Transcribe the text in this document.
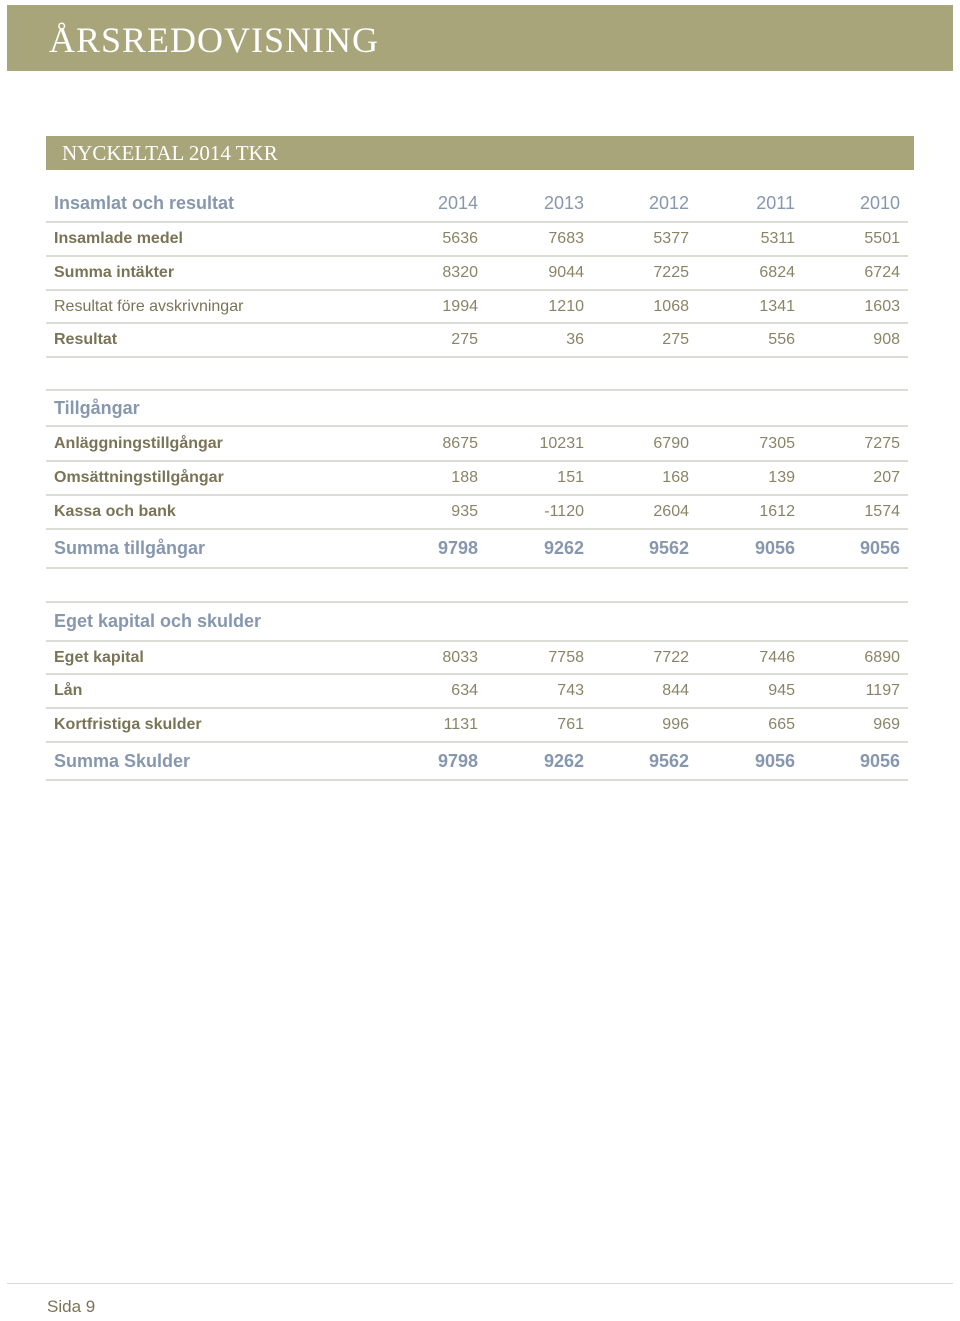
ÅRSREDOVISNING
NYCKELTAL 2014 TKR
Insamlat och resultat	2014	2013	2012	2011	2010
Insamlade medel	5636	7683	5377	5311	5501
Summa intäkter	8320	9044	7225	6824	6724
Resultat före avskrivningar	1994	1210	1068	1341	1603
Resultat	275	36	275	556	908
Tillgångar
Anläggningstillgångar	8675	10231	6790	7305	7275
Omsättningstillgångar	188	151	168	139	207
Kassa och bank	935	-1120	2604	1612	1574
Summa tillgångar	9798	9262	9562	9056	9056
Eget kapital och skulder
Eget kapital	8033	7758	7722	7446	6890
Lån	634	743	844	945	1197
Kortfristiga skulder	1131	761	996	665	969
Summa Skulder	9798	9262	9562	9056	9056
Sida 9
